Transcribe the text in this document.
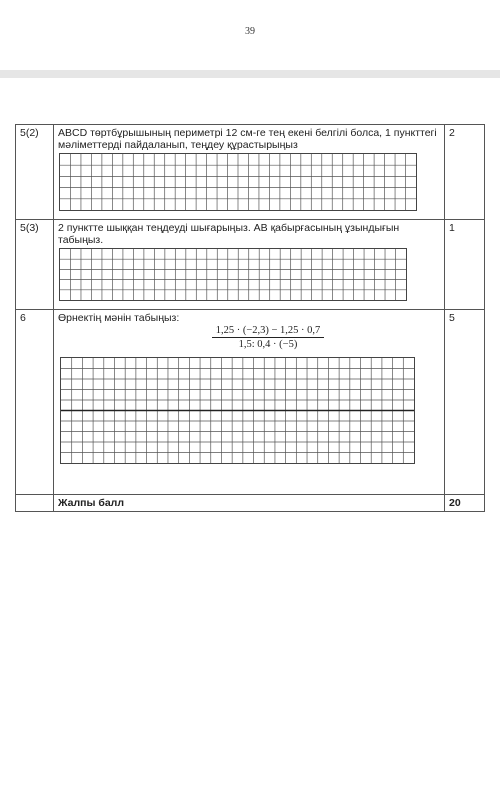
39
5(2)	ABCD төртбұрышының периметрі 12 см-ге тең екені белгілі болса, 1 пункттегі мәліметтерді пайдаланып, теңдеу құрастырыңыз	2
5(3)	2 пунктте шыққан теңдеуді шығарыңыз. AB қабырғасының ұзындығын табыңыз.	1
6	Өрнектің мәнін табыңыз:
1,25 · (−2,3) − 1,25 · 0,7
1,5: 0,4 · (−5)	5
	Жалпы балл	20
